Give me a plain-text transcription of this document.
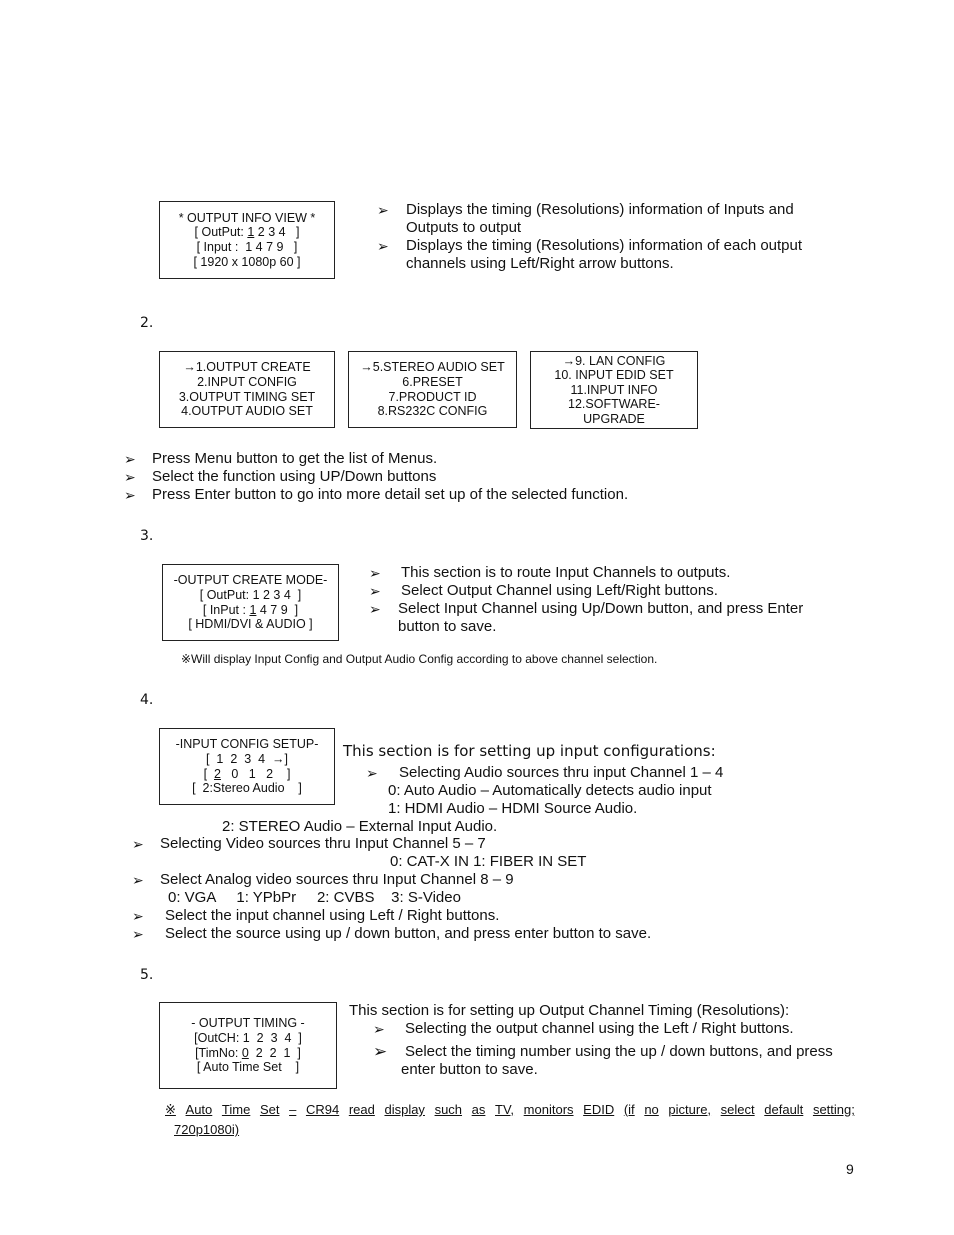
* OUTPUT INFO VIEW *
[ OutPut: 1 2 3 4   ]
[ Input :  1 4 7 9   ]
[ 1920 x 1080p 60 ]
➢ Displays the timing (Resolutions) information of Inputs and
Outputs to output
➢ Displays the timing (Resolutions) information of each output
channels using Left/Right arrow buttons.
2.
→1.OUTPUT CREATE
2.INPUT CONFIG
3.OUTPUT TIMING SET
4.OUTPUT AUDIO SET
→5.STEREO AUDIO SET
6.PRESET
7.PRODUCT ID
8.RS232C CONFIG
→9. LAN CONFIG
10. INPUT EDID SET
11.INPUT INFO
12.SOFTWARE-
UPGRADE
➢ Press Menu button to get the list of Menus.
➢ Select the function using UP/Down buttons
➢ Press Enter button to go into more detail set up of the selected function.
3.
-OUTPUT CREATE MODE-
[ OutPut: 1 2 3 4  ]
[ InPut : 1 4 7 9  ]
[ HDMI/DVI & AUDIO ]
➢ This section is to route Input Channels to outputs.
➢ Select Output Channel using Left/Right buttons.
➢ Select Input Channel using Up/Down button, and press Enter
button to save.
※Will display Input Config and Output Audio Config according to above channel selection.
4.
-INPUT CONFIG SETUP-
[  1  2  3  4  →]
[  2   0   1   2    ]
[  2:Stereo Audio    ]
This section is for setting up input configurations:
➢ Selecting Audio sources thru input Channel 1 – 4
0: Auto Audio – Automatically detects audio input
1: HDMI Audio – HDMI Source Audio.
2: STEREO Audio – External Input Audio.
➢ Selecting Video sources thru Input Channel 5 – 7
0: CAT-X IN 1: FIBER IN SET
➢ Select Analog video sources thru Input Channel 8 – 9
0: VGA     1: YPbPr     2: CVBS    3: S-Video
➢ Select the input channel using Left / Right buttons.
➢ Select the source using up / down button, and press enter button to save.
5.
- OUTPUT TIMING -
[OutCH: 1  2  3  4  ]
[TimNo: 0  2  2  1  ]
[ Auto Time Set    ]
This section is for setting up Output Channel Timing (Resolutions):
➢ Selecting the output channel using the Left / Right buttons.
➢ Select the timing number using the up / down buttons, and press
enter button to save.
※ Auto Time Set – CR94 read display such as TV, monitors EDID (if no picture, select default setting;
720p1080i)
9
